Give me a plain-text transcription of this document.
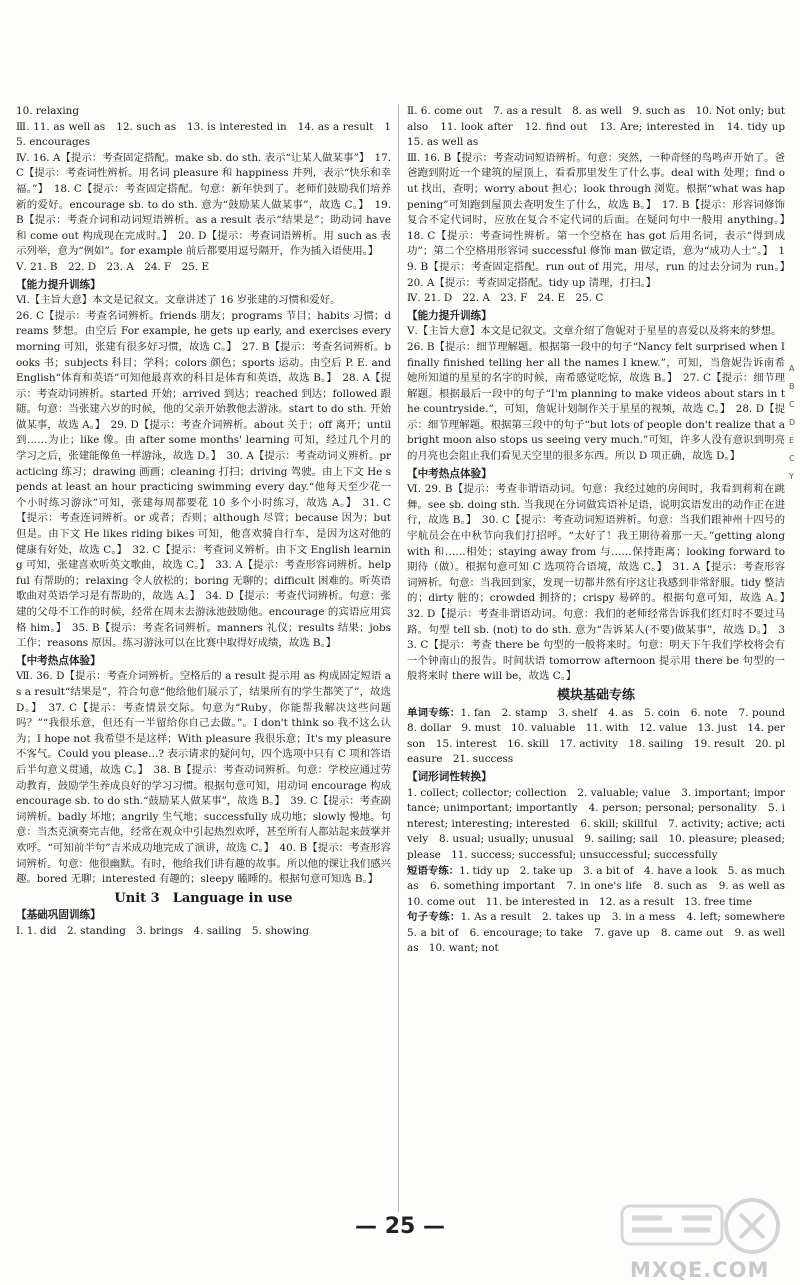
10. relaxing
Ⅲ. 11. as well as　12. such as　13. is interested in　14. as a result　15. encourages
Ⅳ. 16. A【提示：考查固定搭配。make sb. do sth. 表示“让某人做某事”】　17. C【提示：考查词性辨析。用名词 pleasure 和 happiness 并列，表示“快乐和幸福。”】　18. C【提示：考查固定搭配。句意：新年快到了。老师们鼓励我们培养新的爱好。encourage sb. to do sth. 意为“鼓励某人做某事”，故选 C。】　19. B【提示：考查介词和动词短语辨析。as a result 表示“结果是”；助动词 have 和 come out 构成现在完成时。】　20. D【提示：考查词语辨析。用 such as 表示列举，意为“例如”。for example 前后都要用逗号隔开，作为插入语使用。】
Ⅴ. 21. B　22. D　23. A　24. F　25. E
【能力提升训练】
Ⅵ.【主旨大意】本文是记叙文。文章讲述了 16 岁张建的习惯和爱好。
26. C【提示：考查名词辨析。friends 朋友；programs 节目；habits 习惯；dreams 梦想。由空后 For example, he gets up early, and exercises every morning 可知，张建有很多好习惯，故选 C。】　27. B【提示：考查名词辨析。books 书；subjects 科目；学科；colors 颜色；sports 运动。由空后 P. E. and English“体育和英语”可知他最喜欢的科目是体育和英语，故选 B。】　28. A【提示：考查动词辨析。started 开始；arrived 到达；reached 到达；followed 跟随。句意：当张建六岁的时候，他的父亲开始教他去游泳。start to do sth. 开始做某事，故选 A。】　29. D【提示：考查介词辨析。about 关于；off 离开；until 到……为止；like 像。由 after some months' learning 可知，经过几个月的学习之后，张建能像鱼一样游泳，故选 D。】　30. A【提示：考查动词义辨析。practicing 练习；drawing 画画；cleaning 打扫；driving 驾驶。由上下文 He spends at least an hour practicing swimming every day.“他每天至少花一个小时练习游泳”可知，张建每周都要花 10 多个小时练习，故选 A。】　31. C【提示：考查连词辨析。or 或者；否则；although 尽管；because 因为；but 但是。由下文 He likes riding bikes 可知，他喜欢骑自行车，是因为这对他的健康有好处，故选 C。】　32. C【提示：考查词义辨析。由下文 English learning 可知，张建喜欢听英文歌曲，故选 C。】　33. A【提示：考查形容词辨析。helpful 有帮助的；relaxing 令人放松的；boring 无聊的；difficult 困难的。听英语歌曲对英语学习是有帮助的，故选 A。】　34. D【提示：考查代词辨析。句意：张建的父母不工作的时候，经常在周末去游泳池鼓励他。encourage 的宾语应用宾格 him。】　35. B【提示：考查名词辨析。manners 礼仪；results 结果；jobs 工作；reasons 原因。练习游泳可以在比赛中取得好成绩，故选 B。】
【中考热点体验】
Ⅶ. 36. D【提示：考查介词辨析。空格后的 a result 提示用 as 构成固定短语 as a result“结果是”，符合句意“他给他们展示了，结果所有的学生都笑了”，故选 D。】　37. C【提示：考查情景交际。句意为“Ruby，你能帮我解决这些问题吗？”“我很乐意，但还有一半留给你自己去做。”。I don't think so 我不这么认为；I hope not 我希望不是这样；With pleasure 我很乐意；It's my pleasure 不客气。Could you please…? 表示请求的疑问句，四个选项中只有 C 项和答语后半句意义贯通，故选 C。】　38. B【提示：考查动词辨析。句意：学校应通过劳动教育，鼓励学生养成良好的学习习惯。根据句意可知，用动词 encourage 构成 encourage sb. to do sth.“鼓励某人做某事”，故选 B。】　39. C【提示：考查副词辨析。badly 坏地；angrily 生气地；successfully 成功地；slowly 慢地。句意：当杰克演奏完吉他，经常在观众中引起热烈欢呼，甚至所有人都站起来鼓掌并欢呼。“可知前半句”吉米成功地完成了演讲，故选 C。】　40. B【提示：考查形容词辨析。句意：他很幽默。有时，他给我们讲有趣的故事。所以他的课让我们感兴趣。bored 无聊；interested 有趣的；sleepy 瞌睡的。根据句意可知选 B。】
Unit 3　Language in use
【基础巩固训练】
Ⅰ. 1. did　2. standing　3. brings　4. sailing　5. showing
Ⅱ. 6. come out　7. as a result　8. as well　9. such as　10. Not only; but also　11. look after　12. find out　13. Are; interested in　14. tidy up　15. as well as
Ⅲ. 16. B【提示：考查动词短语辨析。句意：突然，一种奇怪的鸟鸣声开始了。爸爸跑到附近一个建筑的屋顶上，看看那里发生了什么事。deal with 处理；find out 找出，查明；worry about 担心；look through 浏览。根据“what was happening”可知跑到屋顶去查明发生了什么，故选 B。】　17. B【提示：形容词修饰复合不定代词时，应放在复合不定代词的后面。在疑问句中一般用 anything。】　18. C【提示：考查词性辨析。第一个空格在 has got 后用名词，表示“得到成功”；第二个空格用形容词 successful 修饰 man 做定语，意为“成功人士”。】　19. B【提示：考查固定搭配。run out of 用完，用尽，run 的过去分词为 run。】　20. A【提示：考查固定搭配。tidy up 清理，打扫。】
Ⅳ. 21. D　22. A　23. F　24. E　25. C
【能力提升训练】
Ⅴ.【主旨大意】本文是记叙文。文章介绍了詹妮对于星星的喜爱以及将来的梦想。
26. B【提示：细节理解题。根据第一段中的句子“Nancy felt surprised when I finally finished telling her all the names I knew.”，可知，当詹妮告诉南希她所知道的星星的名字的时候，南希感觉吃惊，故选 B。】　27. C【提示：细节理解题。根据最后一段中的句子“I'm planning to make videos about stars in the countryside.”，可知，詹妮计划制作关于星星的视频，故选 C。】　28. D【提示：细节理解题。根据第三段中的句子“but lots of people don't realize that a bright moon also stops us seeing very much.”可知，许多人没有意识到明亮的月亮也会阻止我们看见天空里的很多东西。所以 D 项正确，故选 D。】
【中考热点体验】
Ⅵ. 29. B【提示：考查非谓语动词。句意：我经过她的房间时，我看到莉莉在跳舞。see sb. doing sth. 当我现在分词做宾语补足语，说明宾语发出的动作正在进行，故选 B。】　30. C【提示：考查动词短语辨析。句意：当我们跟神州十四号的宇航员会在中秋节向我们打招呼。“太好了！我王期待着那一天。”getting along with 和……相处；staying away from 与……保持距离；looking forward to 期待（做）。根据句意可知 C 选项符合语境，故选 C。】　31. A【提示：考查形容词辨析。句意：当我回到家，发现一切都井然有序这让我感到非常舒服。tidy 整洁的；dirty 脏的；crowded 拥挤的；crispy 易碎的。根据句意可知，故选 A。】　32. D【提示：考查非谓语动词。句意：我们的老师经常告诉我们红灯时不要过马路。句型 tell sb. (not) to do sth. 意为“告诉某人(不要)做某事”，故选 D。】　33. C【提示：考查 there be 句型的一般将来时。句意：明天下午我们学校将会有一个钟南山的报告。时间状语 tomorrow afternoon 提示用 there be 句型的一般将来时 there will be，故选 C。】
模块基础专练
单词专练：1. fan　2. stamp　3. shelf　4. as　5. coin　6. note　7. pound　8. dollar　9. must　10. valuable　11. with　12. value　13. just　14. person　15. interest　16. skill　17. activity　18. sailing　19. result　20. pleasure　21. success
【词形词性转换】
1. collect; collector; collection　2. valuable; value　3. important; importance; unimportant; importantly　4. person; personal; personality　5. interest; interesting; interested　6. skill; skillful　7. activity; active; actively　8. usual; usually; unusual　9. sailing; sail　10. pleasure; pleased; please　11. success; successful; unsuccessful; successfully
短语专练：1. tidy up　2. take up　3. a bit of　4. have a look　5. as much as　6. something important　7. in one's life　8. such as　9. as well as　10. come out　11. be interested in　12. as a result　13. free time
句子专练：1. As a result　2. takes up　3. in a mess　4. left; somewhere　5. a bit of　6. encourage; to take　7. gave up　8. came out　9. as well as　10. want; not
A
B
C
D
E
C
Y
— 25 —
MXQE.COM
